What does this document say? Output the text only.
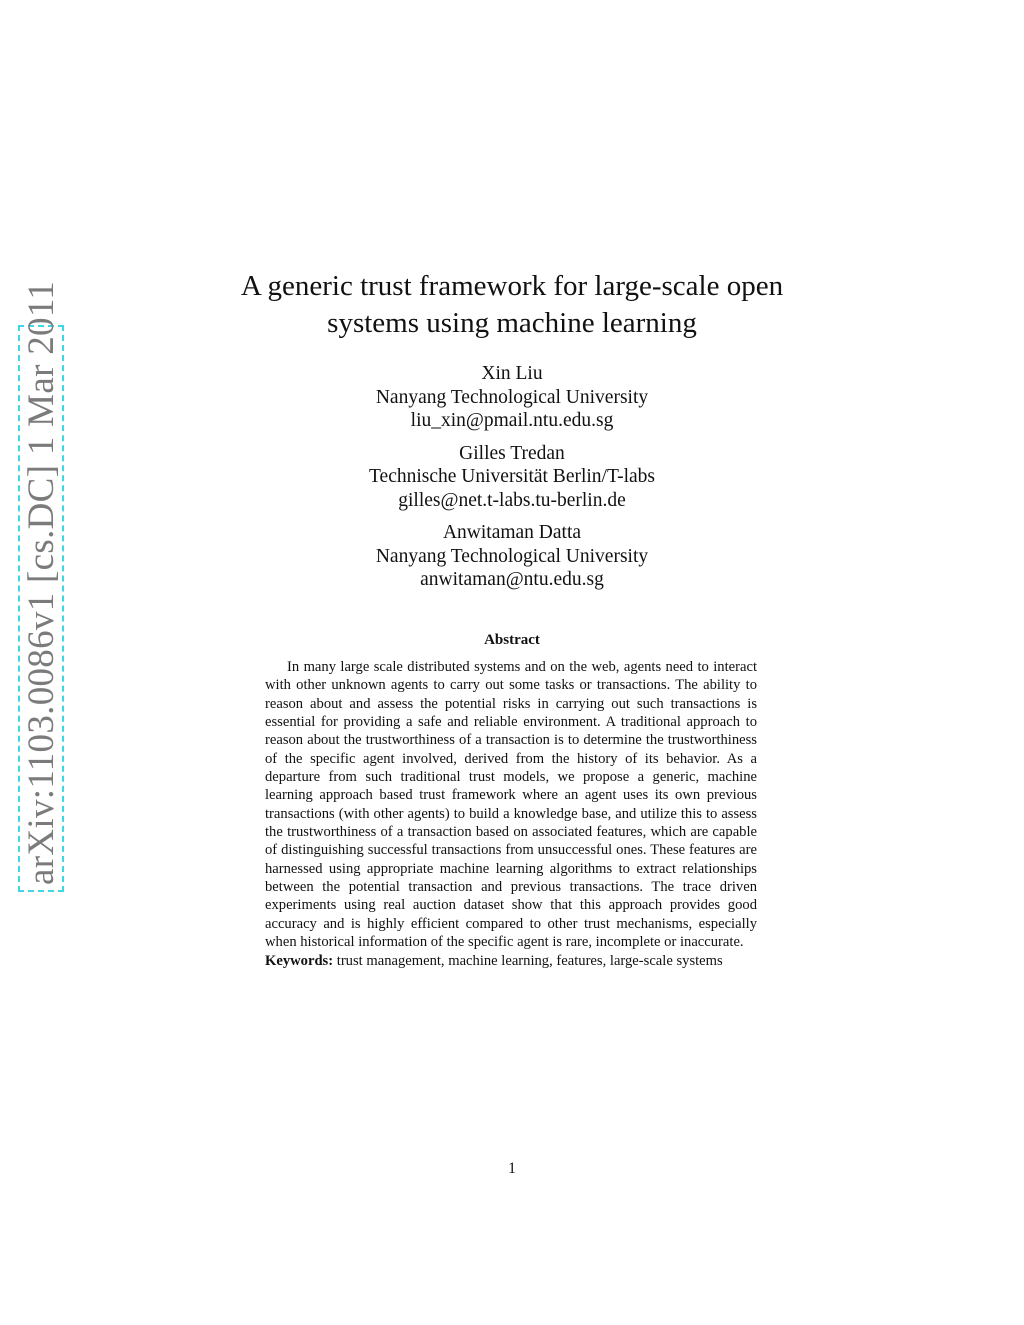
arXiv:1103.0086v1 [cs.DC] 1 Mar 2011	A generic trust framework for large-scale open systems using machine learning
Xin Liu
Nanyang Technological University
liu_xin@pmail.ntu.edu.sg
Gilles Tredan
Technische Universität Berlin/T-labs
gilles@net.t-labs.tu-berlin.de
Anwitaman Datta
Nanyang Technological University
anwitaman@ntu.edu.sg
Abstract

In many large scale distributed systems and on the web, agents need to interact with other unknown agents to carry out some tasks or transactions. The ability to reason about and assess the potential risks in carrying out such transactions is essential for providing a safe and reliable environment. A traditional approach to reason about the trustworthiness of a transaction is to determine the trustworthiness of the specific agent involved, derived from the history of its behavior. As a departure from such traditional trust models, we propose a generic, machine learning approach based trust framework where an agent uses its own previous transactions (with other agents) to build a knowledge base, and utilize this to assess the trustworthiness of a transaction based on associated features, which are capable of distinguishing successful transactions from unsuccessful ones. These features are harnessed using appropriate machine learning algorithms to extract relationships between the potential transaction and previous transactions. The trace driven experiments using real auction dataset show that this approach provides good accuracy and is highly efficient compared to other trust mechanisms, especially when historical information of the specific agent is rare, incomplete or inaccurate.

Keywords: trust management, machine learning, features, large-scale systems
1
